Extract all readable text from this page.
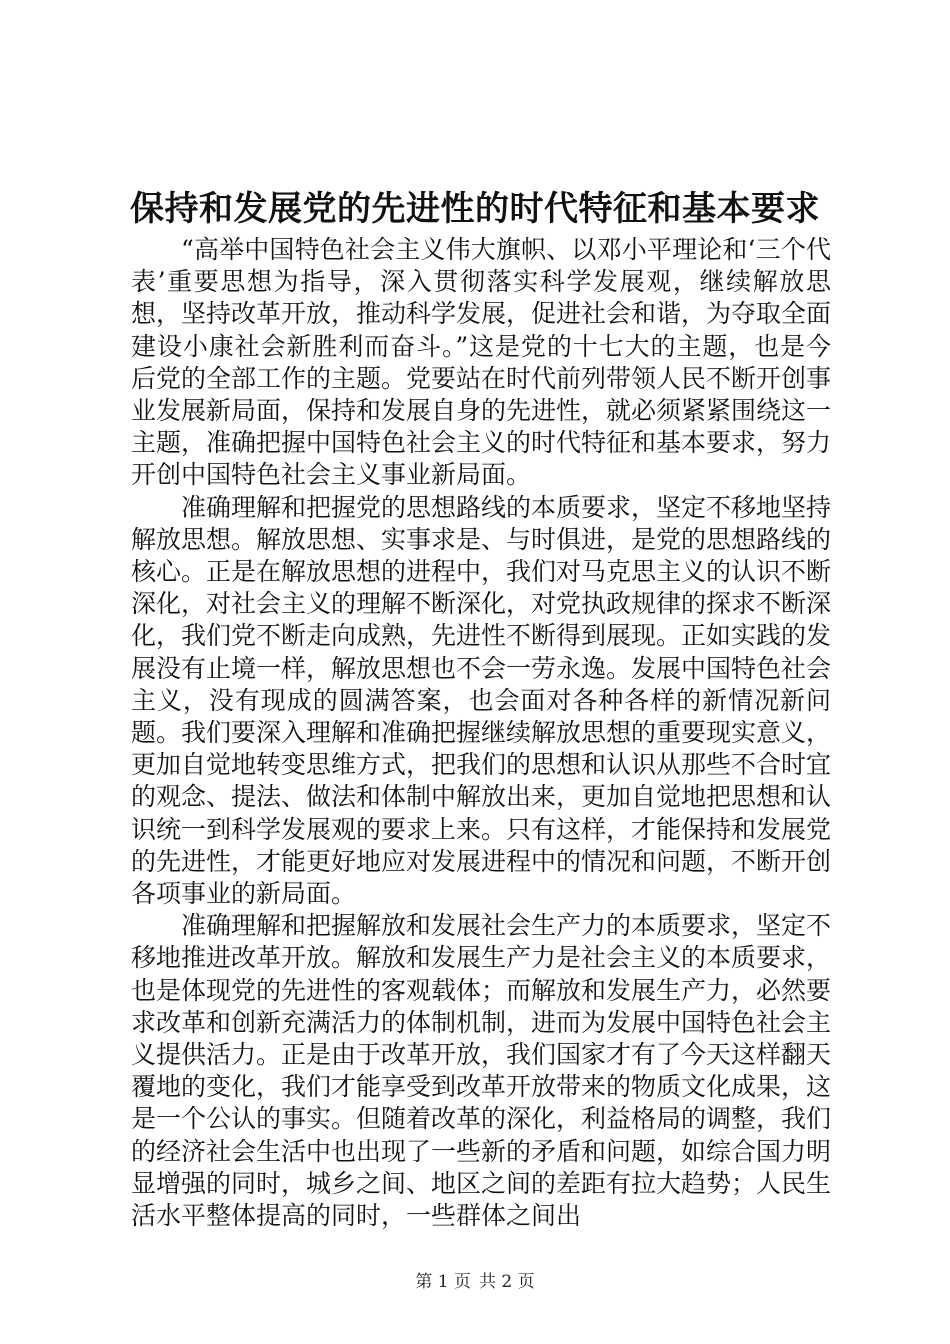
保持和发展党的先进性的时代特征和基本要求

“高举中国特色社会主义伟大旗帜、以邓小平理论和‘三个代表’重要思想为指导，深入贯彻落实科学发展观，继续解放思想，坚持改革开放，推动科学发展，促进社会和谐，为夺取全面建设小康社会新胜利而奋斗。”这是党的十七大的主题，也是今后党的全部工作的主题。党要站在时代前列带领人民不断开创事业发展新局面，保持和发展自身的先进性，就必须紧紧围绕这一主题，准确把握中国特色社会主义的时代特征和基本要求，努力开创中国特色社会主义事业新局面。

准确理解和把握党的思想路线的本质要求，坚定不移地坚持解放思想。解放思想、实事求是、与时俱进，是党的思想路线的核心。正是在解放思想的进程中，我们对马克思主义的认识不断深化，对社会主义的理解不断深化，对党执政规律的探求不断深化，我们党不断走向成熟，先进性不断得到展现。正如实践的发展没有止境一样，解放思想也不会一劳永逸。发展中国特色社会主义，没有现成的圆满答案，也会面对各种各样的新情况新问题。我们要深入理解和准确把握继续解放思想的重要现实意义，更加自觉地转变思维方式，把我们的思想和认识从那些不合时宜的观念、提法、做法和体制中解放出来，更加自觉地把思想和认识统一到科学发展观的要求上来。只有这样，才能保持和发展党的先进性，才能更好地应对发展进程中的情况和问题，不断开创各项事业的新局面。

准确理解和把握解放和发展社会生产力的本质要求，坚定不移地推进改革开放。解放和发展生产力是社会主义的本质要求，也是体现党的先进性的客观载体；而解放和发展生产力，必然要求改革和创新充满活力的体制机制，进而为发展中国特色社会主义提供活力。正是由于改革开放，我们国家才有了今天这样翻天覆地的变化，我们才能享受到改革开放带来的物质文化成果，这是一个公认的事实。但随着改革的深化，利益格局的调整，我们的经济社会生活中也出现了一些新的矛盾和问题，如综合国力明显增强的同时，城乡之间、地区之间的差距有拉大趋势；人民生活水平整体提高的同时，一些群体之间出

第 1 页 共 2 页
